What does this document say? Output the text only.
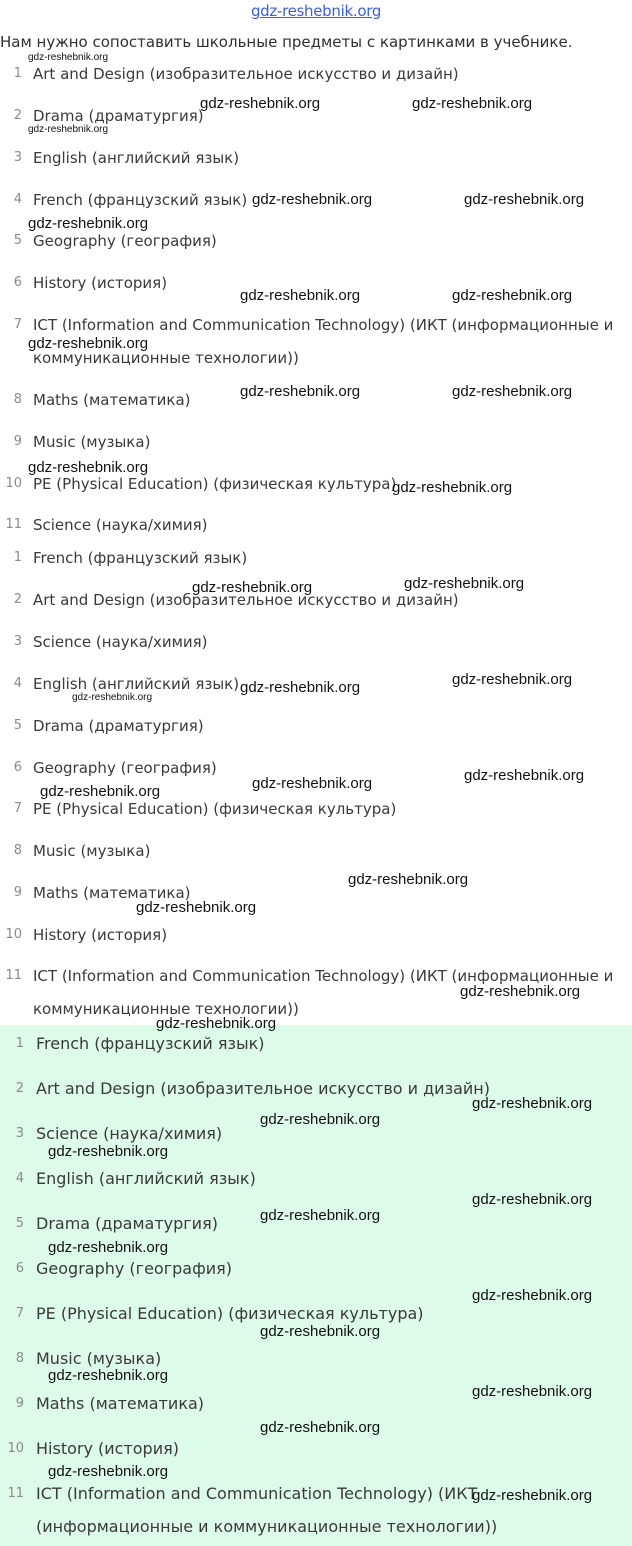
gdz-reshebnik.org
Нам нужно сопоставить школьные предметы с картинками в учебнике.
1 Art and Design (изобразительное искусство и дизайн)
2 Drama (драматургия)
3 English (английский язык)
4 French (французский язык)
5 Geography (география)
6 History (история)
7 ICT (Information and Communication Technology) (ИКТ (информационные и
коммуникационные технологии))
8 Maths (математика)
9 Music (музыка)
10 PE (Physical Education) (физическая культура)
11 Science (наука/химия)
1 French (французский язык)
2 Art and Design (изобразительное искусство и дизайн)
3 Science (наука/химия)
4 English (английский язык)
5 Drama (драматургия)
6 Geography (география)
7 PE (Physical Education) (физическая культура)
8 Music (музыка)
9 Maths (математика)
10 History (история)
11 ICT (Information and Communication Technology) (ИКТ (информационные и
коммуникационные технологии))
1 French (французский язык)
2 Art and Design (изобразительное искусство и дизайн)
3 Science (наука/химия)
4 English (английский язык)
5 Drama (драматургия)
6 Geography (география)
7 PE (Physical Education) (физическая культура)
8 Music (музыка)
9 Maths (математика)
10 History (история)
11 ICT (Information and Communication Technology) (ИКТ
(информационные и коммуникационные технологии))
gdz-reshebnik.org
gdz-reshebnik.org	gdz-reshebnik.org
gdz-reshebnik.org
gdz-reshebnik.org	gdz-reshebnik.org
gdz-reshebnik.org
gdz-reshebnik.org	gdz-reshebnik.org
gdz-reshebnik.org
gdz-reshebnik.org	gdz-reshebnik.org
gdz-reshebnik.org
gdz-reshebnik.org
gdz-reshebnik.org	gdz-reshebnik.org
gdz-reshebnik.org	gdz-reshebnik.org
gdz-reshebnik.org
gdz-reshebnik.org	gdz-reshebnik.org
gdz-reshebnik.org
gdz-reshebnik.org
gdz-reshebnik.org
gdz-reshebnik.org
gdz-reshebnik.org
gdz-reshebnik.org
gdz-reshebnik.org
gdz-reshebnik.org
gdz-reshebnik.org
gdz-reshebnik.org
gdz-reshebnik.org
gdz-reshebnik.org
gdz-reshebnik.org
gdz-reshebnik.org
gdz-reshebnik.org
gdz-reshebnik.org
gdz-reshebnik.org
gdz-reshebnik.org
